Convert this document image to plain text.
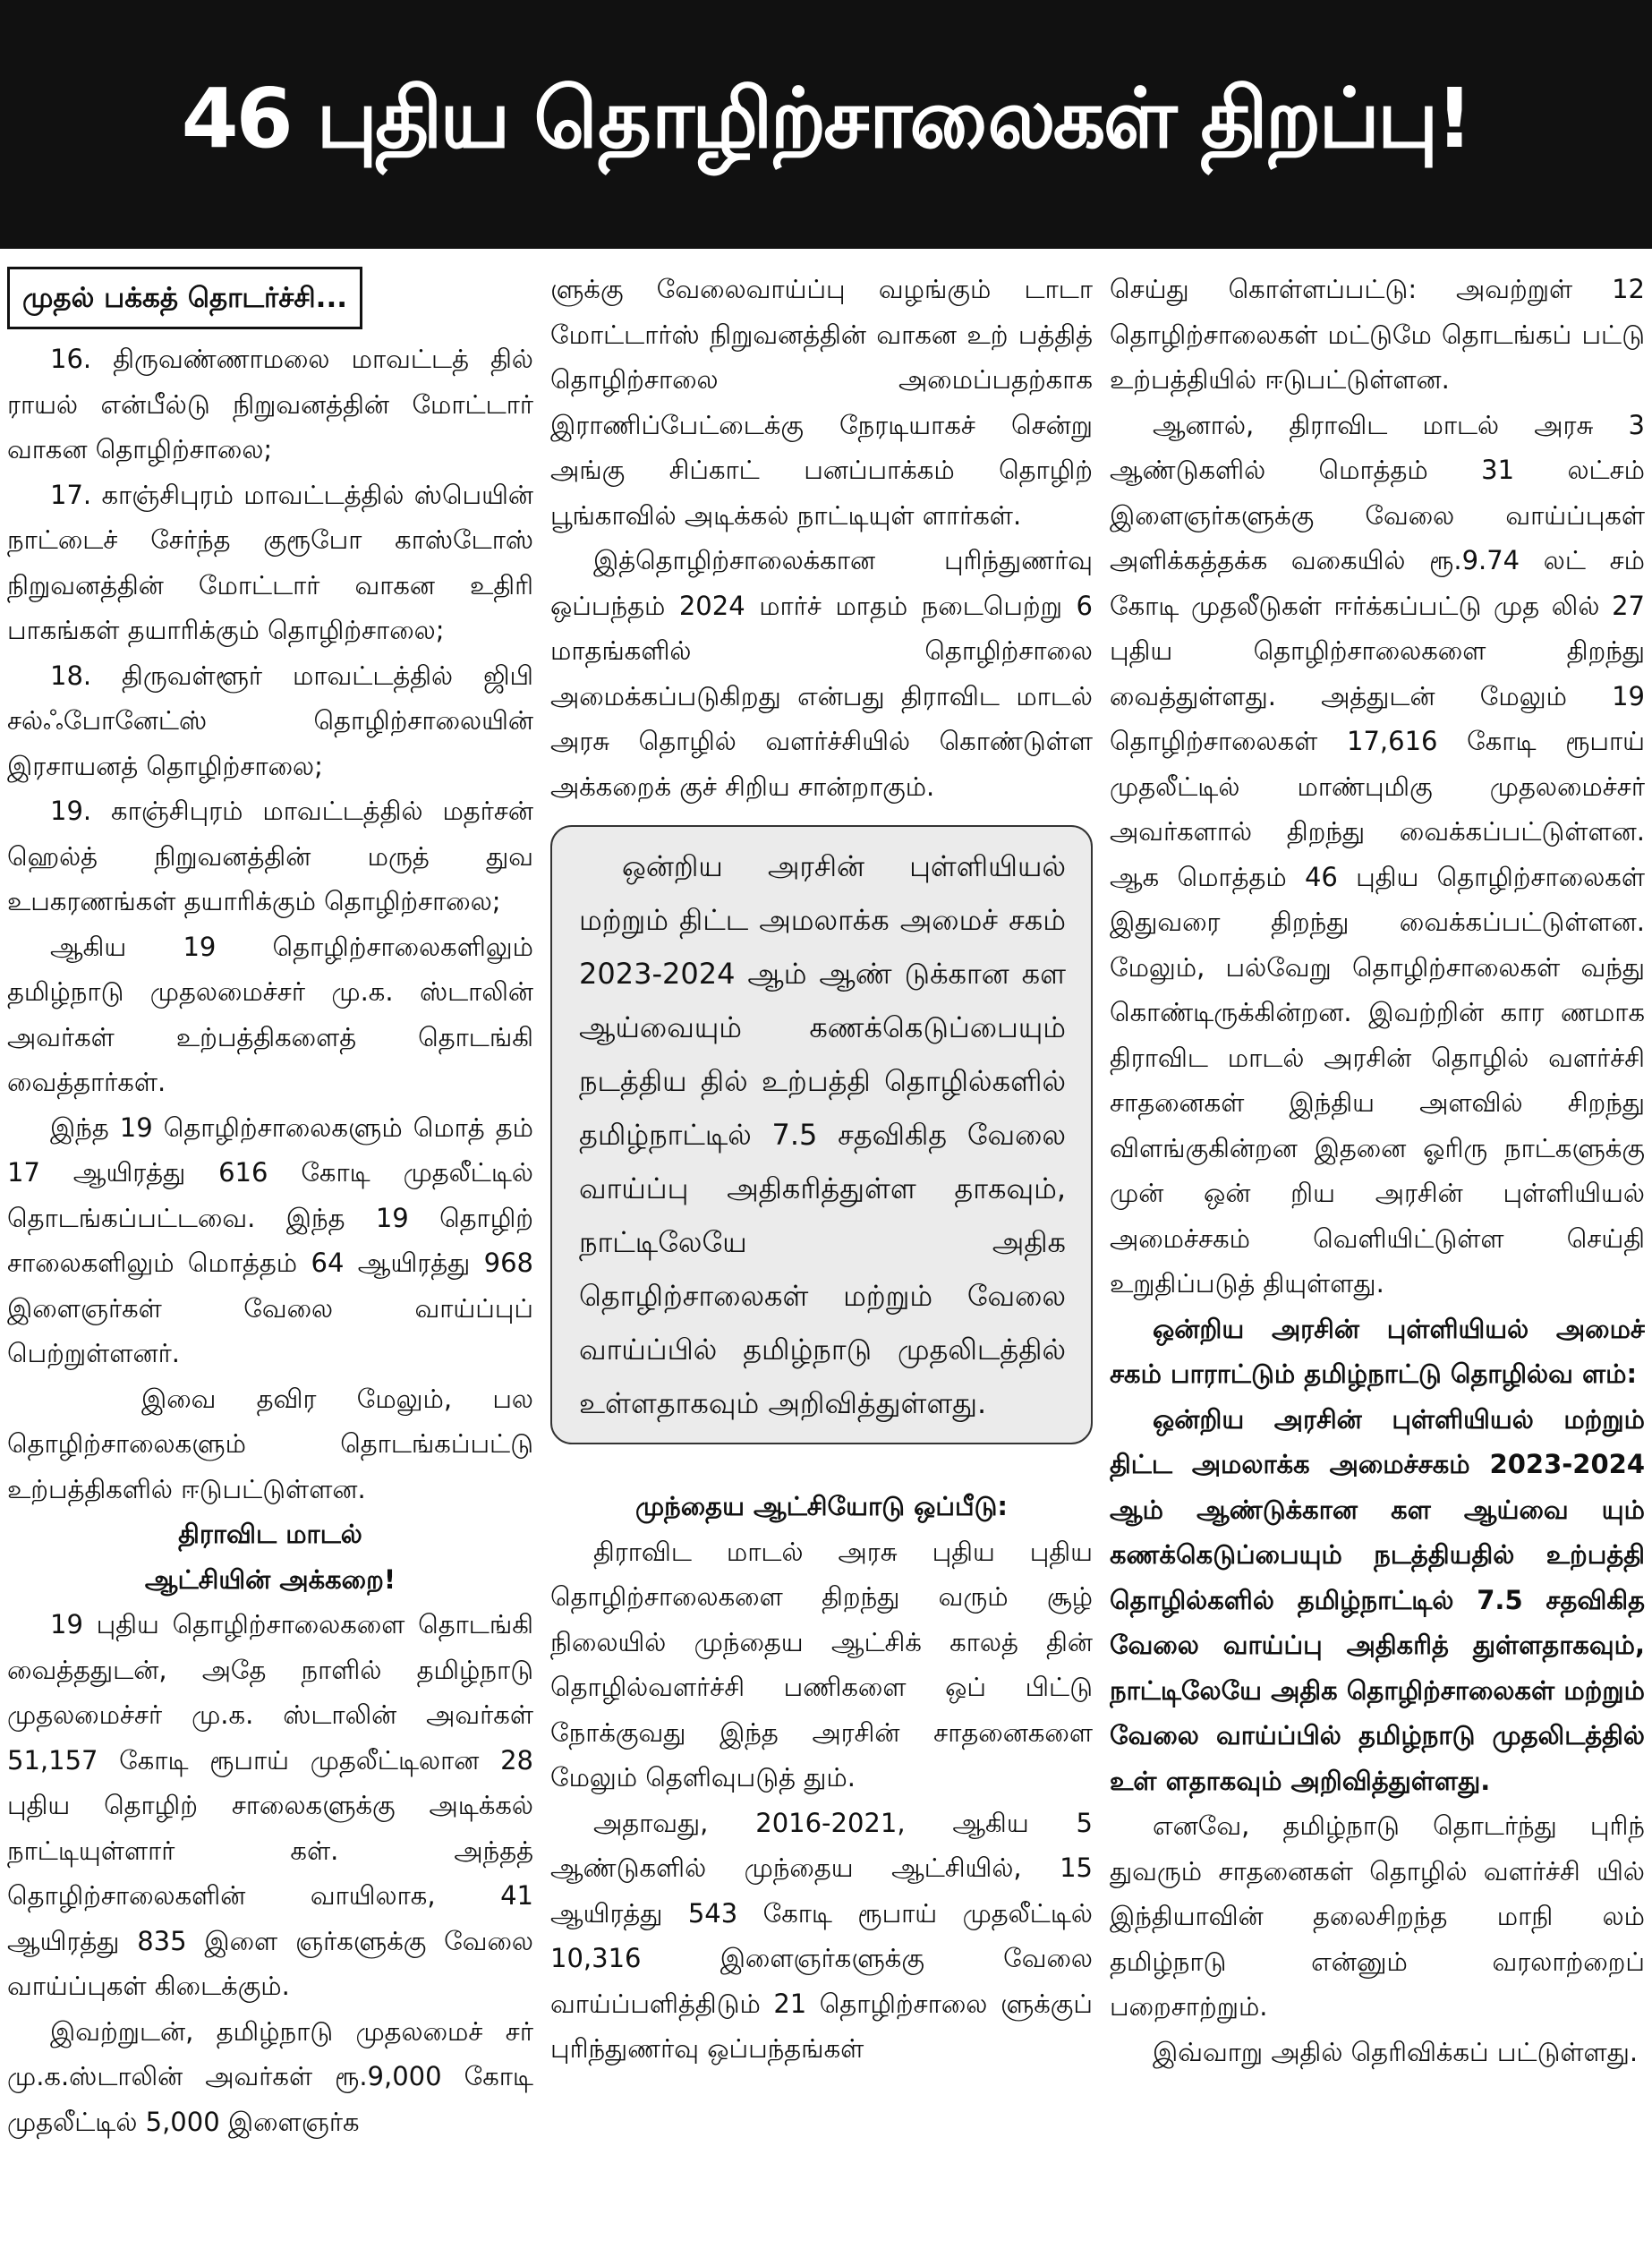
46 புதிய தொழிற்சாலைகள் திறப்பு!
முதல் பக்கத் தொடர்ச்சி...

16. திருவண்ணாமலை மாவட்டத் தில் ராயல் என்பீல்டு நிறுவனத்தின் மோட்டார் வாகன தொழிற்சாலை;

17. காஞ்சிபுரம் மாவட்டத்தில் ஸ்பெயின் நாட்டைச் சேர்ந்த குரூபோ காஸ்டோஸ் நிறுவனத்தின் மோட்டார் வாகன உதிரி பாகங்கள் தயாரிக்கும் தொழிற்சாலை;

18. திருவள்ளூர் மாவட்டத்தில் ஜிபி சல்ஃபோனேட்ஸ் தொழிற்சாலையின் இரசாயனத் தொழிற்சாலை;

19. காஞ்சிபுரம் மாவட்டத்தில் மதர்சன் ஹெல்த் நிறுவனத்தின் மருத் துவ உபகரணங்கள் தயாரிக்கும் தொழிற்சாலை;

ஆகிய 19 தொழிற்சாலைகளிலும் தமிழ்நாடு முதலமைச்சர் மு.க. ஸ்டாலின் அவர்கள் உற்பத்திகளைத் தொடங்கி வைத்தார்கள்.

இந்த 19 தொழிற்சாலைகளும் மொத் தம் 17 ஆயிரத்து 616 கோடி முதலீட்டில் தொடங்கப்பட்டவை. இந்த 19 தொழிற் சாலைகளிலும் மொத்தம் 64 ஆயிரத்து 968 இளைஞர்கள் வேலை வாய்ப்புப் பெற்றுள்ளனர்.

இவை தவிர மேலும், பல தொழிற்சாலைகளும் தொடங்கப்பட்டு உற்பத்திகளில் ஈடுபட்டுள்ளன.

திராவிட மாடல்
ஆட்சியின் அக்கறை!

19 புதிய தொழிற்சாலைகளை தொடங்கி வைத்ததுடன், அதே நாளில் தமிழ்நாடு முதலமைச்சர் மு.க. ஸ்டாலின் அவர்கள் 51,157 கோடி ரூபாய் முதலீட்டிலான 28 புதிய தொழிற் சாலைகளுக்கு அடிக்கல் நாட்டியுள்ளார் கள். அந்தத் தொழிற்சாலைகளின் வாயிலாக, 41 ஆயிரத்து 835 இளை ஞர்களுக்கு வேலை வாய்ப்புகள் கிடைக்கும்.

இவற்றுடன், தமிழ்நாடு முதலமைச் சர் மு.க.ஸ்டாலின் அவர்கள் ரூ.9,000 கோடி முதலீட்டில் 5,000 இளைஞர்க

ளுக்கு வேலைவாய்ப்பு வழங்கும் டாடா மோட்டார்ஸ் நிறுவனத்தின் வாகன உற் பத்தித் தொழிற்சாலை அமைப்பதற்காக இராணிப்பேட்டைக்கு நேரடியாகச் சென்று அங்கு சிப்காட் பனப்பாக்கம் தொழிற் பூங்காவில் அடிக்கல் நாட்டியுள் ளார்கள்.

இத்தொழிற்சாலைக்கான புரிந்துணர்வு ஒப்பந்தம் 2024 மார்ச் மாதம் நடைபெற்று 6 மாதங்களில் தொழிற்சாலை அமைக்கப்படுகிறது என்பது திராவிட மாடல் அரசு தொழில் வளர்ச்சியில் கொண்டுள்ள அக்கறைக் குச் சிறிய சான்றாகும்.

ஒன்றிய அரசின் புள்ளியியல் மற்றும் திட்ட அமலாக்க அமைச் சகம் 2023-2024 ஆம் ஆண் டுக்கான கள ஆய்வையும் கணக்கெடுப்பையும் நடத்திய தில் உற்பத்தி தொழில்களில் தமிழ்நாட்டில் 7.5 சதவிகித வேலை வாய்ப்பு அதிகரித்துள்ள தாகவும், நாட்டிலேயே அதிக தொழிற்சாலைகள் மற்றும் வேலை வாய்ப்பில் தமிழ்நாடு முதலிடத்தில் உள்ளதாகவும் அறிவித்துள்ளது.

முந்தைய ஆட்சியோடு ஒப்பீடு:

திராவிட மாடல் அரசு புதிய புதிய தொழிற்சாலைகளை திறந்து வரும் சூழ் நிலையில் முந்தைய ஆட்சிக் காலத் தின் தொழில்வளர்ச்சி பணிகளை ஒப் பிட்டு நோக்குவது இந்த அரசின் சாதனைகளை மேலும் தெளிவுபடுத் தும்.

அதாவது, 2016-2021, ஆகிய 5 ஆண்டுகளில் முந்தைய ஆட்சியில், 15 ஆயிரத்து 543 கோடி ரூபாய் முதலீட்டில் 10,316 இளைஞர்களுக்கு வேலை வாய்ப்பளித்திடும் 21 தொழிற்சாலை ளுக்குப் புரிந்துணர்வு ஒப்பந்தங்கள்

செய்து கொள்ளப்பட்டு: அவற்றுள் 12 தொழிற்சாலைகள் மட்டுமே தொடங்கப் பட்டு உற்பத்தியில் ஈடுபட்டுள்ளன.

ஆனால், திராவிட மாடல் அரசு 3 ஆண்டுகளில் மொத்தம் 31 லட்சம் இளைஞர்களுக்கு வேலை வாய்ப்புகள் அளிக்கத்தக்க வகையில் ரூ.9.74 லட் சம் கோடி முதலீடுகள் ஈர்க்கப்பட்டு முத லில் 27 புதிய தொழிற்சாலைகளை திறந்து வைத்துள்ளது. அத்துடன் மேலும் 19 தொழிற்சாலைகள் 17,616 கோடி ரூபாய் முதலீட்டில் மாண்புமிகு முதலமைச்சர் அவர்களால் திறந்து வைக்கப்பட்டுள்ளன. ஆக மொத்தம் 46 புதிய தொழிற்சாலைகள் இதுவரை திறந்து வைக்கப்பட்டுள்ளன. மேலும், பல்வேறு தொழிற்சாலைகள் வந்து கொண்டிருக்கின்றன. இவற்றின் கார ணமாக திராவிட மாடல் அரசின் தொழில் வளர்ச்சி சாதனைகள் இந்திய அளவில் சிறந்து விளங்குகின்றன இதனை ஓரிரு நாட்களுக்கு முன் ஒன் றிய அரசின் புள்ளியியல் அமைச்சகம் வெளியிட்டுள்ள செய்தி உறுதிப்படுத் தியுள்ளது.

ஒன்றிய அரசின் புள்ளியியல் அமைச் சகம் பாராட்டும் தமிழ்நாட்டு தொழில்வ ளம்:

ஒன்றிய அரசின் புள்ளியியல் மற்றும் திட்ட அமலாக்க அமைச்சகம் 2023-2024 ஆம் ஆண்டுக்கான கள ஆய்வை யும் கணக்கெடுப்பையும் நடத்தியதில் உற்பத்தி தொழில்களில் தமிழ்நாட்டில் 7.5 சதவிகித வேலை வாய்ப்பு அதிகரித் துள்ளதாகவும், நாட்டிலேயே அதிக தொழிற்சாலைகள் மற்றும் வேலை வாய்ப்பில் தமிழ்நாடு முதலிடத்தில் உள் ளதாகவும் அறிவித்துள்ளது.

எனவே, தமிழ்நாடு தொடர்ந்து புரிந் துவரும் சாதனைகள் தொழில் வளர்ச்சி யில் இந்தியாவின் தலைசிறந்த மாநி லம் தமிழ்நாடு என்னும் வரலாற்றைப் பறைசாற்றும்.

இவ்வாறு அதில் தெரிவிக்கப் பட்டுள்ளது.
